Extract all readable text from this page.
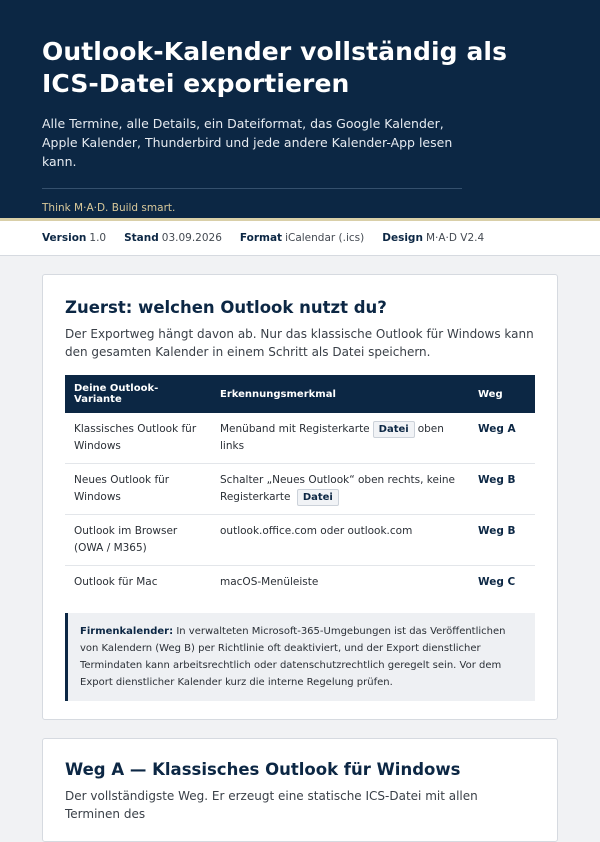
Outlook-Kalender vollständig als ICS-Datei exportieren

Alle Termine, alle Details, ein Dateiformat, das Google Kalender, Apple Kalender, Thunderbird und jede andere Kalender-App lesen kann.

Think M·A·D. Build smart.
Version 1.0 Stand 03.09.2026 Format iCalendar (.ics) Design M·A·D V2.4
Zuerst: welchen Outlook nutzt du?

Der Exportweg hängt davon ab. Nur das klassische Outlook für Windows kann den gesamten Kalender in einem Schritt als Datei speichern.

Deine Outlook-Variante	Erkennungsmerkmal	Weg
Klassisches Outlook für Windows	Menüband mit Registerkarte Datei oben links	Weg A
Neues Outlook für Windows	Schalter „Neues Outlook“ oben rechts, keine Registerkarte Datei	Weg B
Outlook im Browser (OWA / M365)	outlook.office.com oder outlook.com	Weg B
Outlook für Mac	macOS-Menüleiste	Weg C
Firmenkalender: In verwalteten Microsoft-365-Umgebungen ist das Veröffentlichen von Kalendern (Weg B) per Richtlinie oft deaktiviert, und der Export dienstlicher Termindaten kann arbeitsrechtlich oder datenschutzrechtlich geregelt sein. Vor dem Export dienstlicher Kalender kurz die interne Regelung prüfen.
Weg A — Klassisches Outlook für Windows

Der vollständigste Weg. Er erzeugt eine statische ICS-Datei mit allen Terminen des
